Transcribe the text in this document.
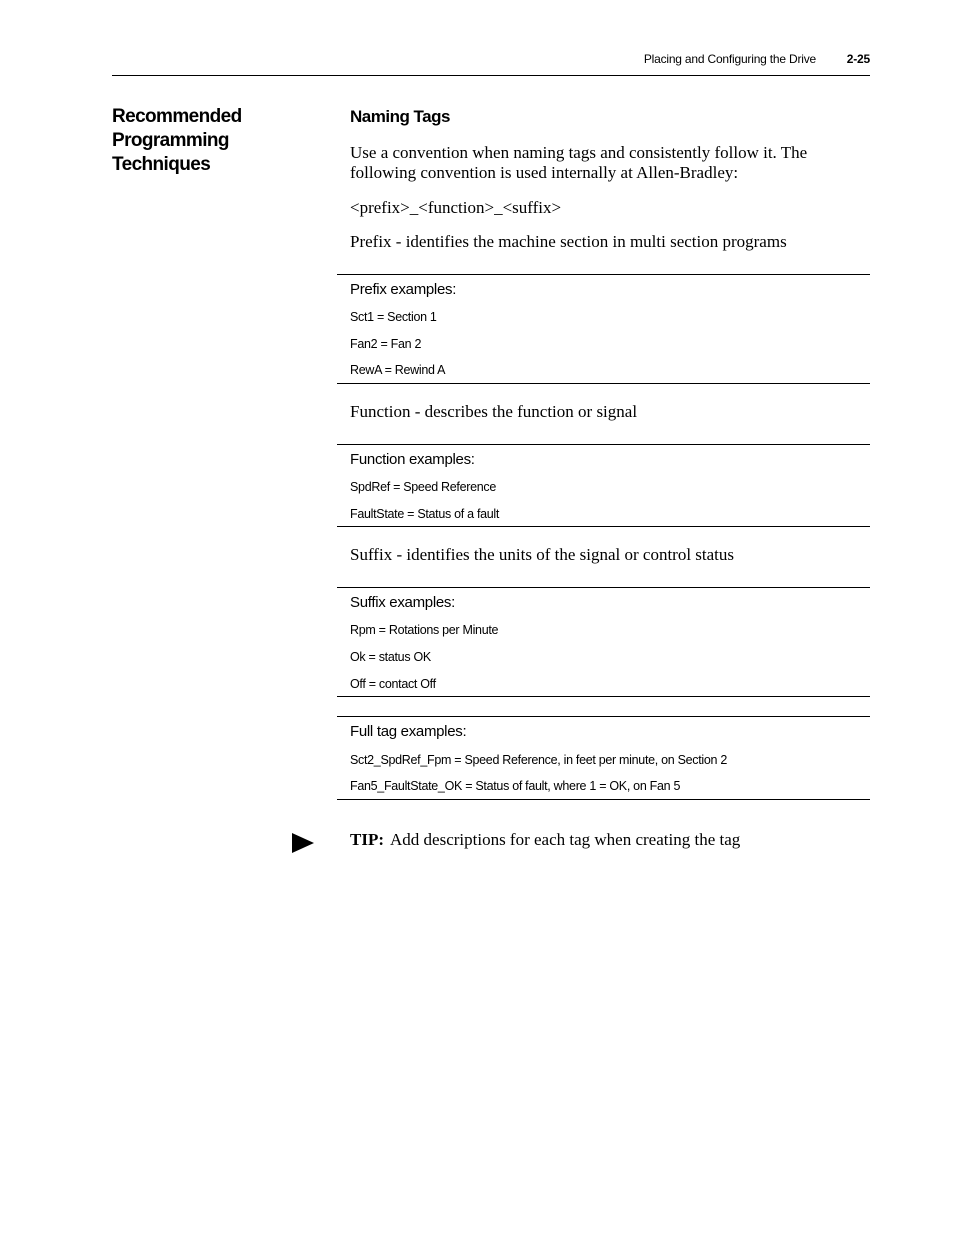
Placing and Configuring the Drive	2-25
Recommended
Programming Techniques
Naming Tags
Use a convention when naming tags and consistently follow it. The following convention is used internally at Allen-Bradley:
<prefix>_<function>_<suffix>
Prefix - identifies the machine section in multi section programs
Prefix examples:
Sct1 = Section 1
Fan2 = Fan 2
RewA = Rewind A
Function - describes the function or signal
Function examples:
SpdRef = Speed Reference
FaultState = Status of a fault
Suffix - identifies the units of the signal or control status
Suffix examples:
Rpm = Rotations per Minute
Ok = status OK
Off = contact Off
Full tag examples:
Sct2_SpdRef_Fpm = Speed Reference, in feet per minute, on Section 2
Fan5_FaultState_OK = Status of fault, where 1 = OK, on Fan 5
TIP: Add descriptions for each tag when creating the tag
